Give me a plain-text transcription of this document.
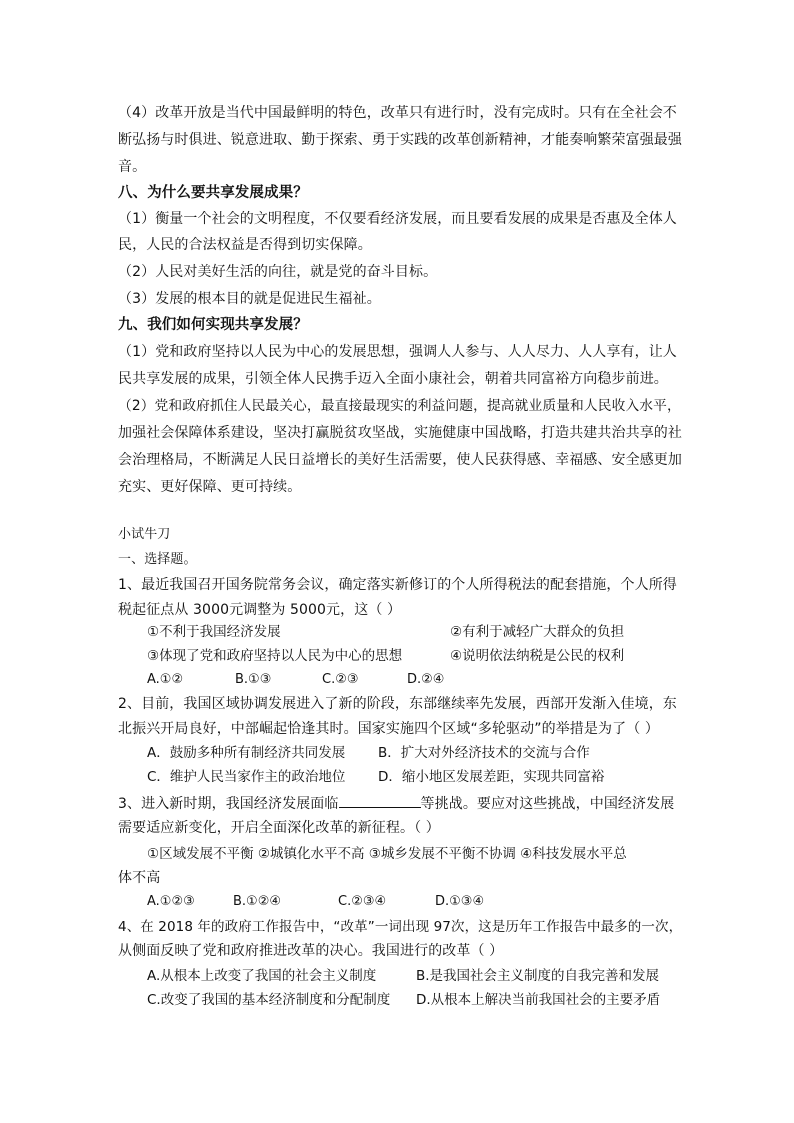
（4）改革开放是当代中国最鲜明的特色，改革只有进行时，没有完成时。只有在全社会不
断弘扬与时俱进、锐意进取、勤于探索、勇于实践的改革创新精神，才能奏响繁荣富强最强
音。
八、为什么要共享发展成果？
（1）衡量一个社会的文明程度，不仅要看经济发展，而且要看发展的成果是否惠及全体人
民，人民的合法权益是否得到切实保障。
（2）人民对美好生活的向往，就是党的奋斗目标。
（3）发展的根本目的就是促进民生福祉。
九、我们如何实现共享发展？
（1）党和政府坚持以人民为中心的发展思想，强调人人参与、人人尽力、人人享有，让人
民共享发展的成果，引领全体人民携手迈入全面小康社会，朝着共同富裕方向稳步前进。
（2）党和政府抓住人民最关心，最直接最现实的利益问题，提高就业质量和人民收入水平，
加强社会保障体系建设，坚决打赢脱贫攻坚战，实施健康中国战略，打造共建共治共享的社
会治理格局，不断满足人民日益增长的美好生活需要，使人民获得感、幸福感、安全感更加
充实、更好保障、更可持续。
小试牛刀
一、选择题。
1、最近我国召开国务院常务会议，确定落实新修订的个人所得税法的配套措施，个人所得
税起征点从 3000元调整为 5000元，这（ ）
①不利于我国经济发展	②有利于减轻广大群众的负担
③体现了党和政府坚持以人民为中心的思想	④说明依法纳税是公民的权利
A.①②	B.①③	C.②③	D.②④
2、目前，我国区域协调发展进入了新的阶段，东部继续率先发展，西部开发渐入佳境，东
北振兴开局良好，中部崛起恰逢其时。国家实施四个区域“多轮驱动”的举措是为了（ ）
A．鼓励多种所有制经济共同发展 B．扩大对外经济技术的交流与合作
C．维护人民当家作主的政治地位 D．缩小地区发展差距，实现共同富裕
3、进入新时期，我国经济发展面临	等挑战。要应对这些挑战，中国经济发展
需要适应新变化，开启全面深化改革的新征程。（ ）
①区域发展不平衡 ②城镇化水平不高 ③城乡发展不平衡不协调 ④科技发展水平总
体不高
A.①②③	B.①②④	C.②③④	D.①③④
4、在 2018 年的政府工作报告中，“改革”一词出现 97次，这是历年工作报告中最多的一次，
从侧面反映了党和政府推进改革的决心。我国进行的改革（ ）
A.从根本上改变了我国的社会主义制度	B.是我国社会主义制度的自我完善和发展
C.改变了我国的基本经济制度和分配制度 D.从根本上解决当前我国社会的主要矛盾
